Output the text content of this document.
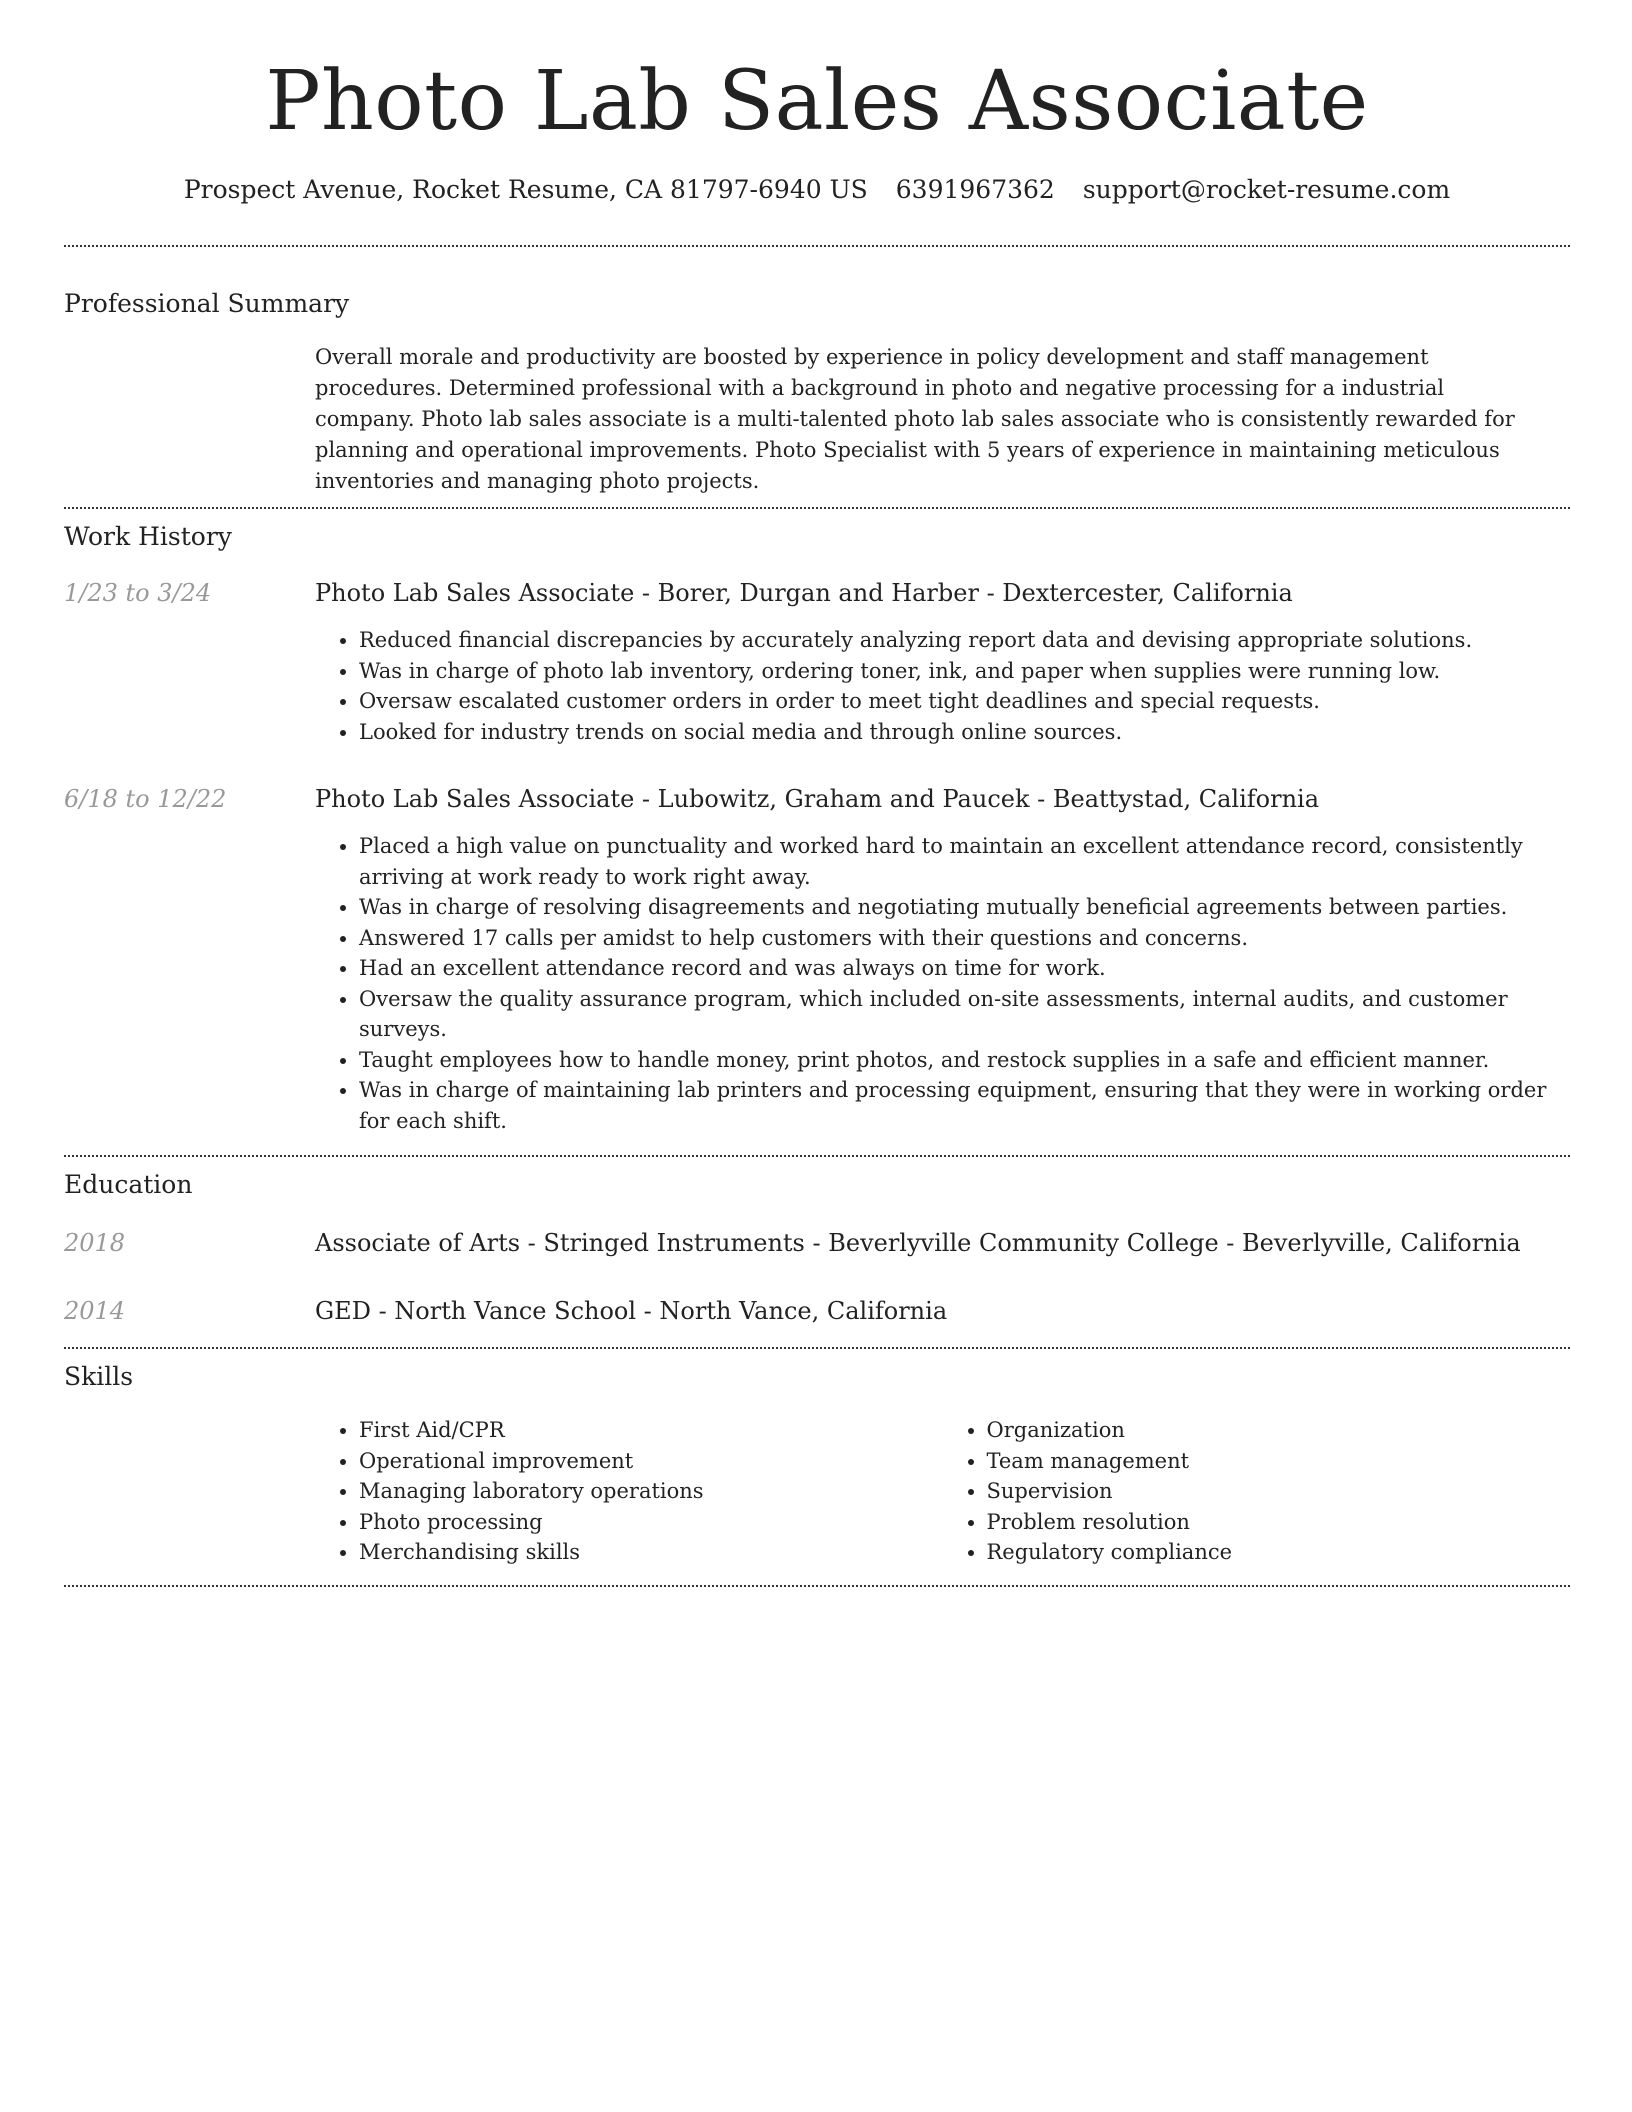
Photo Lab Sales Associate
Prospect Avenue, Rocket Resume, CA 81797-6940 US 6391967362 support@rocket-resume.com
Professional Summary
Overall morale and productivity are boosted by experience in policy development and staff management procedures. Determined professional with a background in photo and negative processing for a industrial company. Photo lab sales associate is a multi-talented photo lab sales associate who is consistently rewarded for planning and operational improvements. Photo Specialist with 5 years of experience in maintaining meticulous inventories and managing photo projects.
Work History
1/23 to 3/24	Photo Lab Sales Associate - Borer, Durgan and Harber - Dextercester, California
• Reduced financial discrepancies by accurately analyzing report data and devising appropriate solutions.
• Was in charge of photo lab inventory, ordering toner, ink, and paper when supplies were running low.
• Oversaw escalated customer orders in order to meet tight deadlines and special requests.
• Looked for industry trends on social media and through online sources.
6/18 to 12/22	Photo Lab Sales Associate - Lubowitz, Graham and Paucek - Beattystad, California
• Placed a high value on punctuality and worked hard to maintain an excellent attendance record, consistently arriving at work ready to work right away.
• Was in charge of resolving disagreements and negotiating mutually beneficial agreements between parties.
• Answered 17 calls per amidst to help customers with their questions and concerns.
• Had an excellent attendance record and was always on time for work.
• Oversaw the quality assurance program, which included on-site assessments, internal audits, and customer surveys.
• Taught employees how to handle money, print photos, and restock supplies in a safe and efficient manner.
• Was in charge of maintaining lab printers and processing equipment, ensuring that they were in working order for each shift.
Education
2018	Associate of Arts - Stringed Instruments - Beverlyville Community College - Beverlyville, California
2014	GED - North Vance School - North Vance, California
Skills
• First Aid/CPR
• Operational improvement
• Managing laboratory operations
• Photo processing
• Merchandising skills
• Organization
• Team management
• Supervision
• Problem resolution
• Regulatory compliance
